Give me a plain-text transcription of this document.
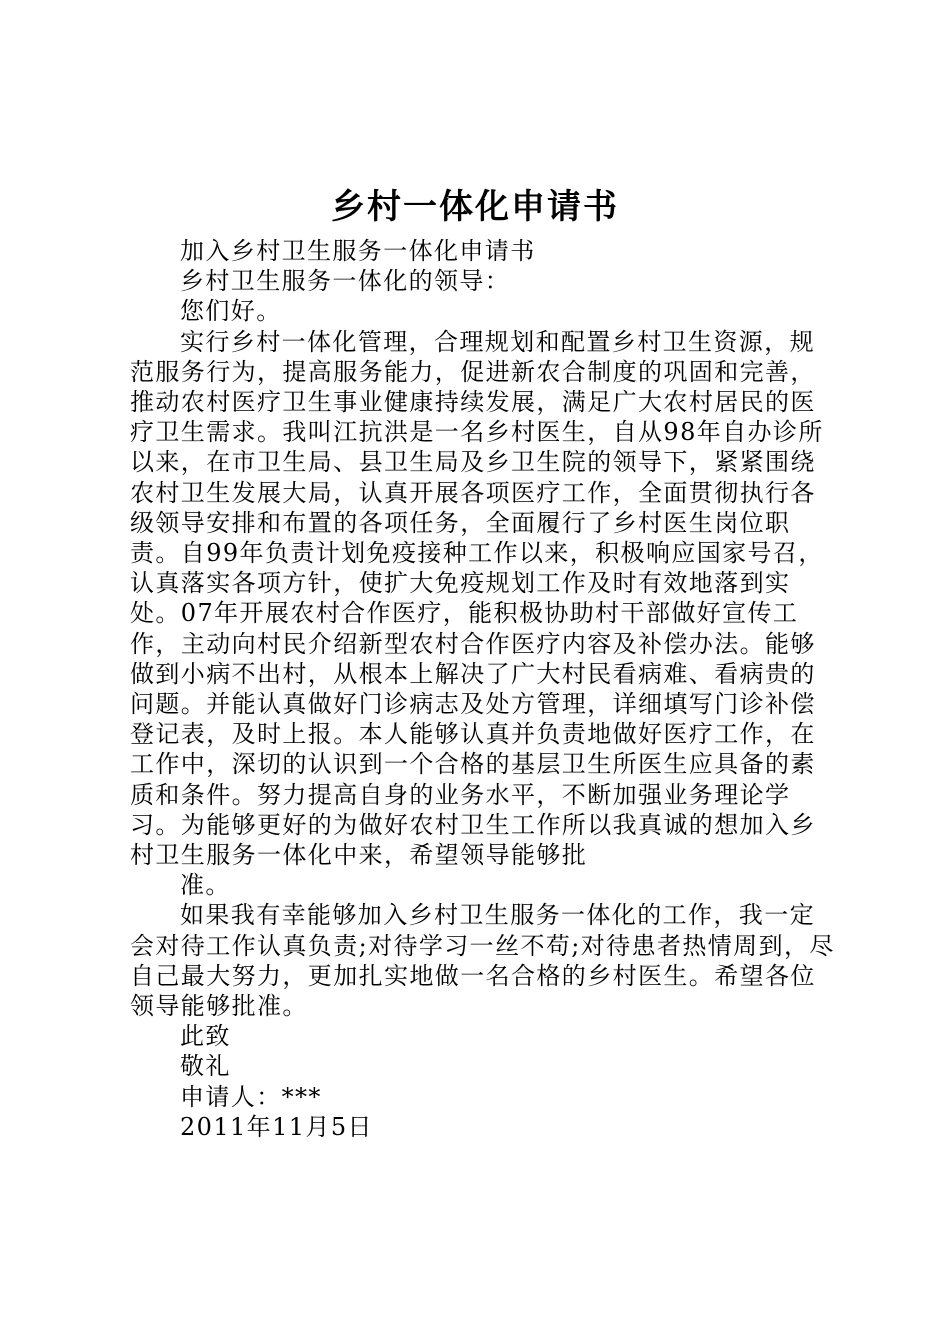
乡村一体化申请书

加入乡村卫生服务一体化申请书

乡村卫生服务一体化的领导：

您们好。

实行乡村一体化管理，合理规划和配置乡村卫生资源，规范服务行为，提高服务能力，促进新农合制度的巩固和完善，推动农村医疗卫生事业健康持续发展，满足广大农村居民的医疗卫生需求。我叫江抗洪是一名乡村医生，自从98年自办诊所以来，在市卫生局、县卫生局及乡卫生院的领导下，紧紧围绕农村卫生发展大局，认真开展各项医疗工作，全面贯彻执行各级领导安排和布置的各项任务，全面履行了乡村医生岗位职责。自99年负责计划免疫接种工作以来，积极响应国家号召，认真落实各项方针，使扩大免疫规划工作及时有效地落到实处。07年开展农村合作医疗，能积极协助村干部做好宣传工作，主动向村民介绍新型农村合作医疗内容及补偿办法。能够做到小病不出村，从根本上解决了广大村民看病难、看病贵的问题。并能认真做好门诊病志及处方管理，详细填写门诊补偿登记表，及时上报。本人能够认真并负责地做好医疗工作，在工作中，深切的认识到一个合格的基层卫生所医生应具备的素质和条件。努力提高自身的业务水平，不断加强业务理论学习。为能够更好的为做好农村卫生工作所以我真诚的想加入乡村卫生服务一体化中来，希望领导能够批

准。

如果我有幸能够加入乡村卫生服务一体化的工作，我一定会对待工作认真负责;对待学习一丝不苟;对待患者热情周到，尽自己最大努力，更加扎实地做一名合格的乡村医生。希望各位领导能够批准。

此致

敬礼

申请人：***

2011年11月5日
